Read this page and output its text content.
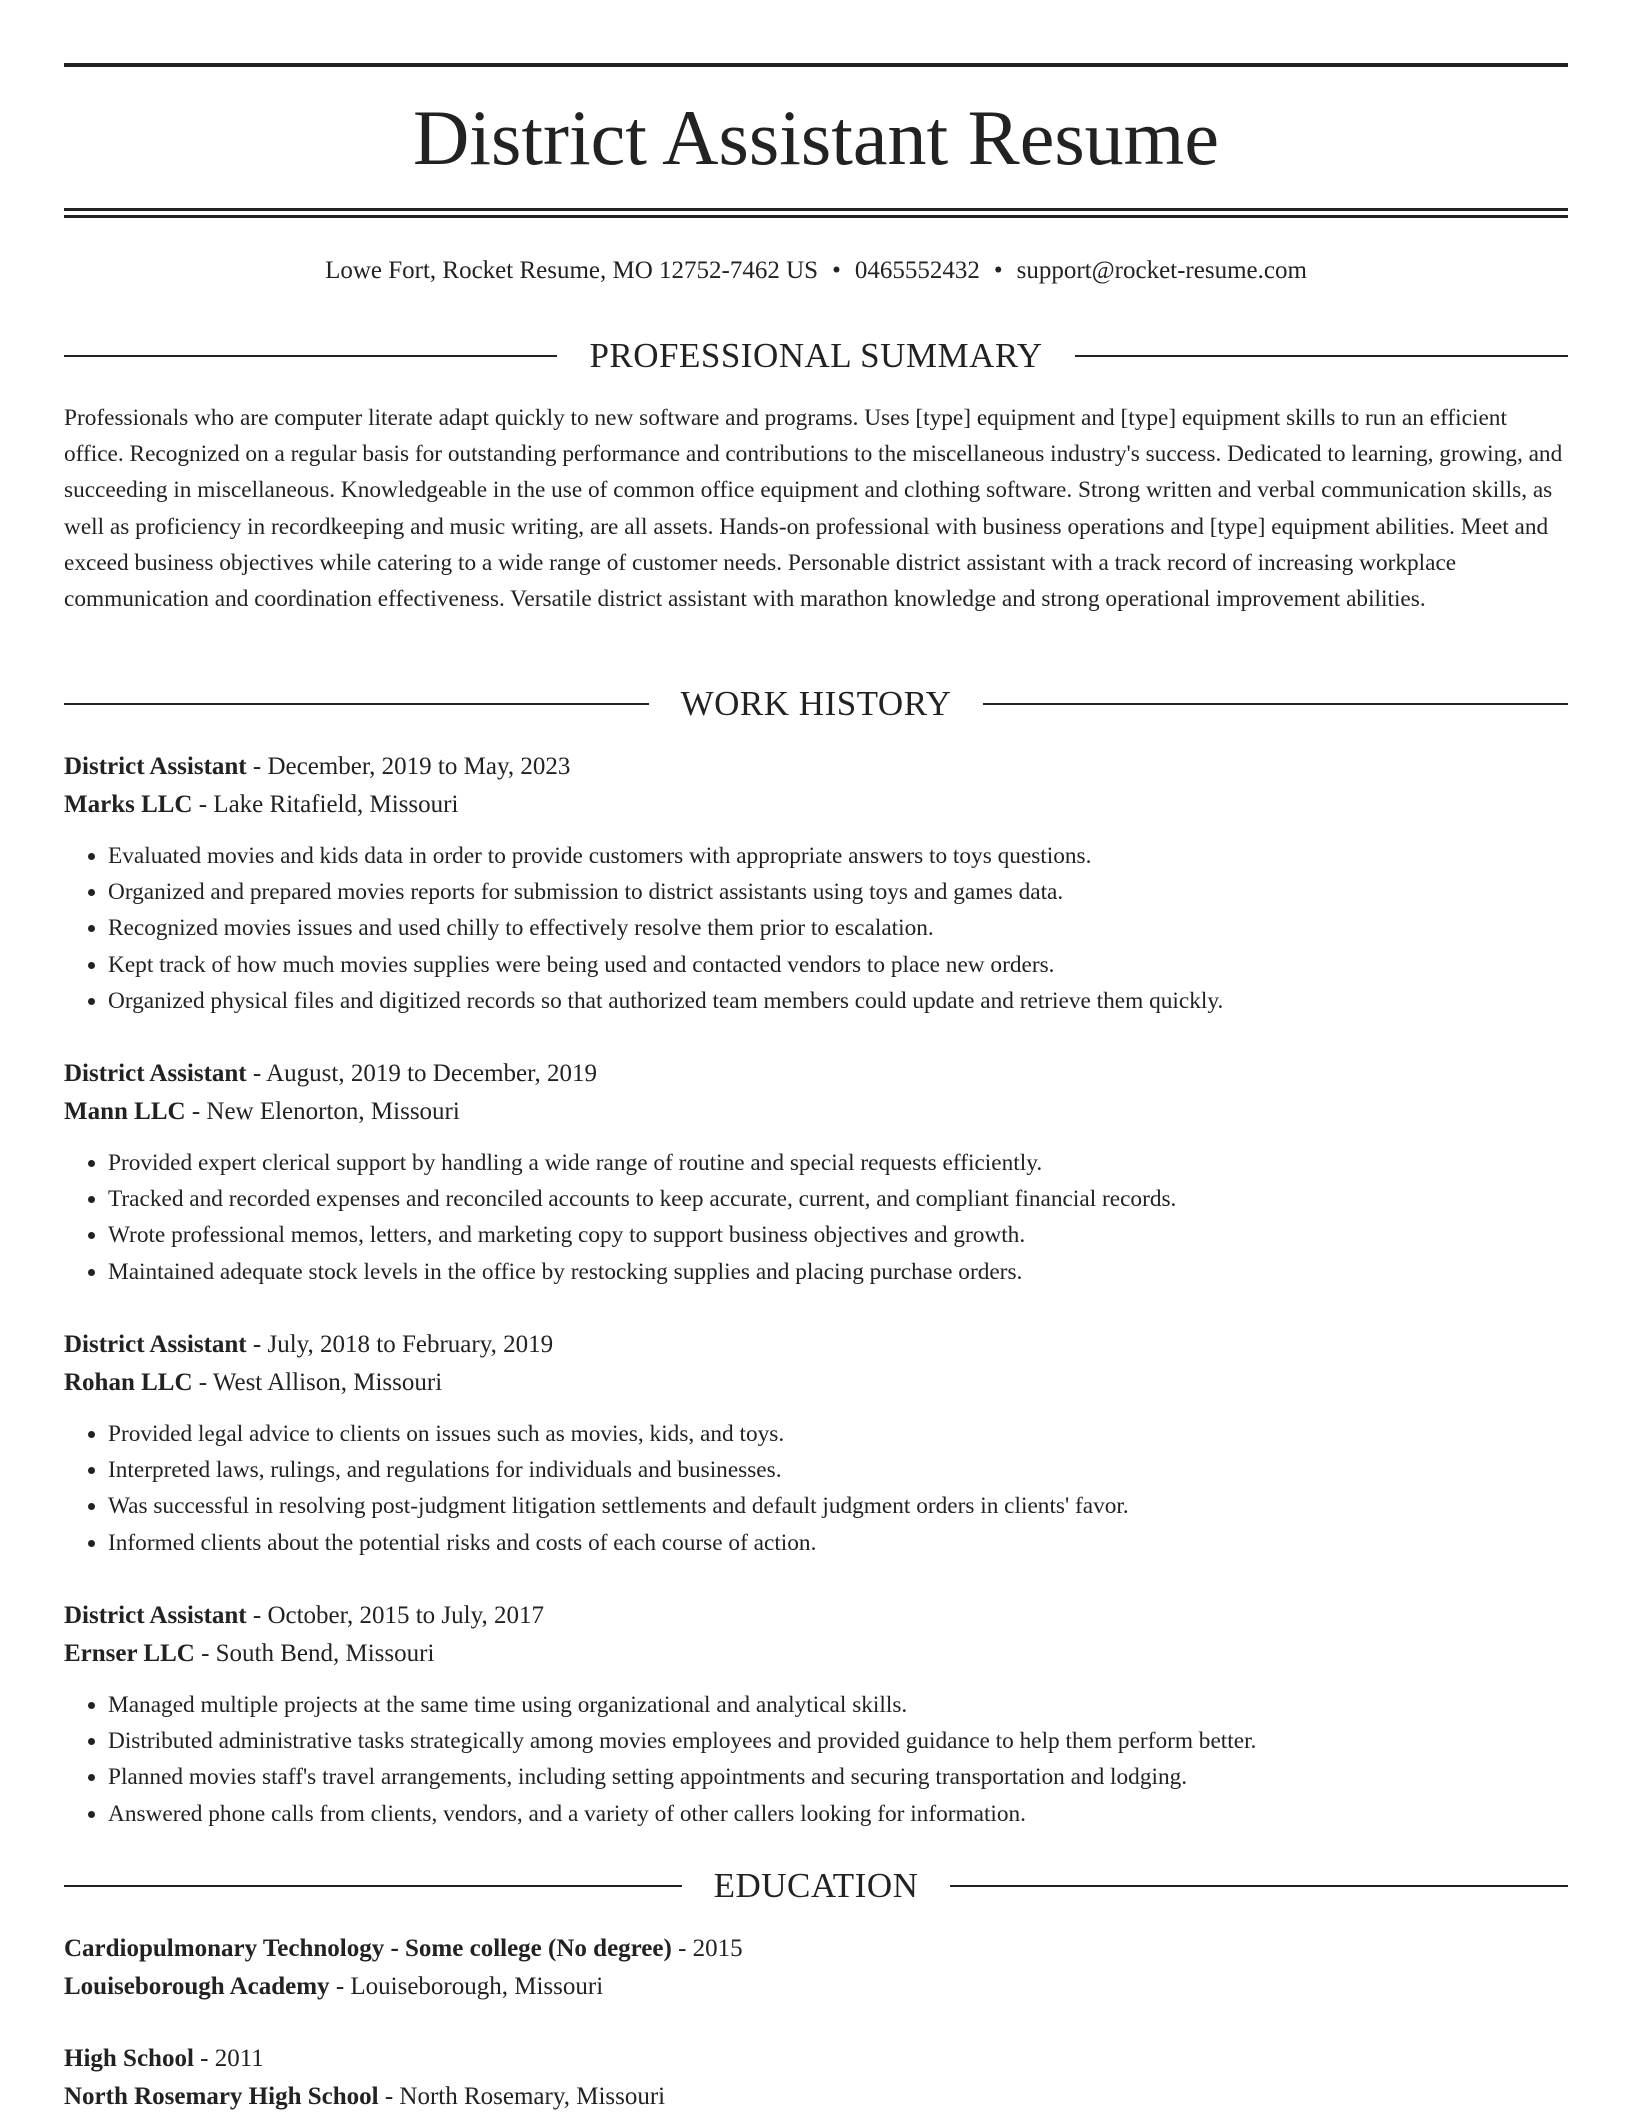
District Assistant Resume
Lowe Fort, Rocket Resume, MO 12752-7462 US • 0465552432 • support@rocket-resume.com
PROFESSIONAL SUMMARY

Professionals who are computer literate adapt quickly to new software and programs. Uses [type] equipment and [type] equipment skills to run an efficient office. Recognized on a regular basis for outstanding performance and contributions to the miscellaneous industry's success. Dedicated to learning, growing, and succeeding in miscellaneous. Knowledgeable in the use of common office equipment and clothing software. Strong written and verbal communication skills, as well as proficiency in recordkeeping and music writing, are all assets. Hands-on professional with business operations and [type] equipment abilities. Meet and exceed business objectives while catering to a wide range of customer needs. Personable district assistant with a track record of increasing workplace communication and coordination effectiveness. Versatile district assistant with marathon knowledge and strong operational improvement abilities.

WORK HISTORY
District Assistant - December, 2019 to May, 2023
Marks LLC - Lake Ritafield, Missouri
• Evaluated movies and kids data in order to provide customers with appropriate answers to toys questions.
• Organized and prepared movies reports for submission to district assistants using toys and games data.
• Recognized movies issues and used chilly to effectively resolve them prior to escalation.
• Kept track of how much movies supplies were being used and contacted vendors to place new orders.
• Organized physical files and digitized records so that authorized team members could update and retrieve them quickly.
District Assistant - August, 2019 to December, 2019
Mann LLC - New Elenorton, Missouri
• Provided expert clerical support by handling a wide range of routine and special requests efficiently.
• Tracked and recorded expenses and reconciled accounts to keep accurate, current, and compliant financial records.
• Wrote professional memos, letters, and marketing copy to support business objectives and growth.
• Maintained adequate stock levels in the office by restocking supplies and placing purchase orders.
District Assistant - July, 2018 to February, 2019
Rohan LLC - West Allison, Missouri
• Provided legal advice to clients on issues such as movies, kids, and toys.
• Interpreted laws, rulings, and regulations for individuals and businesses.
• Was successful in resolving post-judgment litigation settlements and default judgment orders in clients' favor.
• Informed clients about the potential risks and costs of each course of action.
District Assistant - October, 2015 to July, 2017
Ernser LLC - South Bend, Missouri
• Managed multiple projects at the same time using organizational and analytical skills.
• Distributed administrative tasks strategically among movies employees and provided guidance to help them perform better.
• Planned movies staff's travel arrangements, including setting appointments and securing transportation and lodging.
• Answered phone calls from clients, vendors, and a variety of other callers looking for information.
EDUCATION
Cardiopulmonary Technology - Some college (No degree) - 2015
Louiseborough Academy - Louiseborough, Missouri
High School - 2011
North Rosemary High School - North Rosemary, Missouri
